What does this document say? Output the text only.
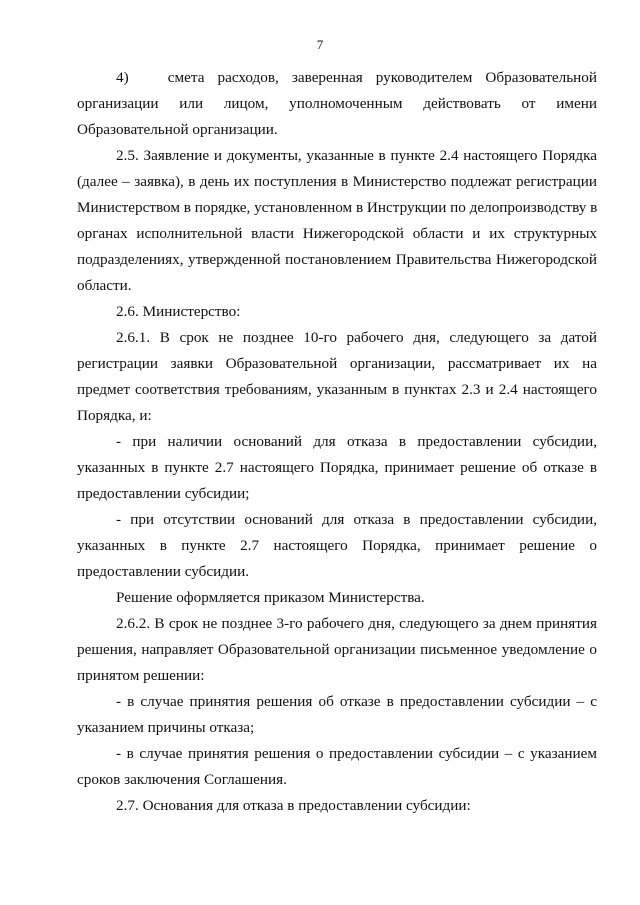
7
4)   смета расходов, заверенная руководителем Образовательной
организации или лицом, уполномоченным действовать от имени
Образовательной организации.
2.5. Заявление и документы, указанные в пункте 2.4 настоящего Порядка
(далее – заявка), в день их поступления в Министерство подлежат регистрации
Министерством в порядке, установленном в Инструкции по делопроизводству в
органах исполнительной власти Нижегородской области и их структурных
подразделениях, утвержденной постановлением Правительства Нижегородской
области.
2.6. Министерство:
2.6.1. В срок не позднее 10-го рабочего дня, следующего за датой
регистрации заявки Образовательной организации, рассматривает их на
предмет соответствия требованиям, указанным в пунктах 2.3 и 2.4 настоящего
Порядка, и:
- при наличии оснований для отказа в предоставлении субсидии,
указанных в пункте 2.7 настоящего Порядка, принимает решение об отказе в
предоставлении субсидии;
- при отсутствии оснований для отказа в предоставлении субсидии,
указанных в пункте 2.7 настоящего Порядка, принимает решение о
предоставлении субсидии.
Решение оформляется приказом Министерства.
2.6.2. В срок не позднее 3-го рабочего дня, следующего за днем принятия
решения, направляет Образовательной организации письменное уведомление о
принятом решении:
- в случае принятия решения об отказе в предоставлении субсидии – с
указанием причины отказа;
- в случае принятия решения о предоставлении субсидии – с указанием
сроков заключения Соглашения.
2.7. Основания для отказа в предоставлении субсидии:
